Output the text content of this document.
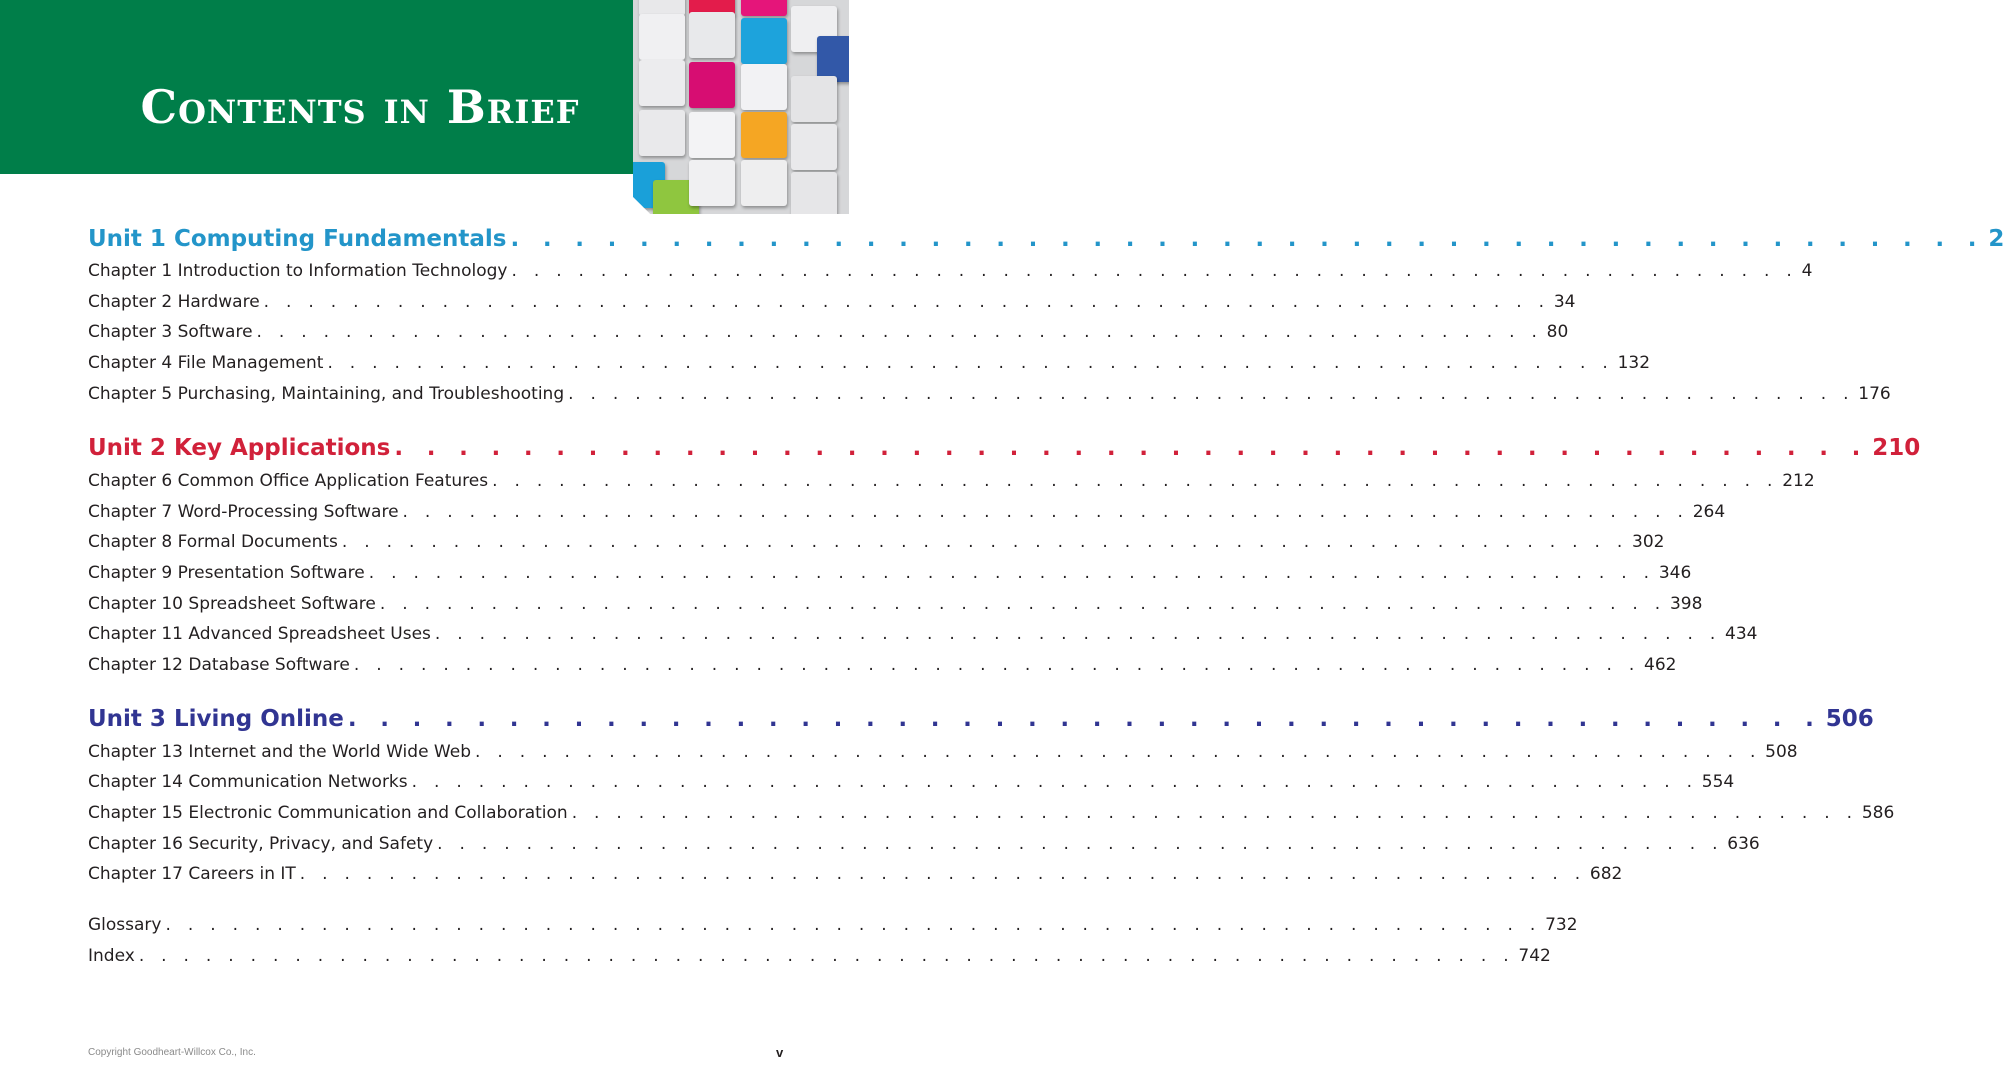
Contents in Brief
Unit 1 Computing Fundamentals . . . . . . . . . . . . . . . . . . . . . . . . . . . . . . . . . . . . . . . . . . . . . . 2
Chapter 1 Introduction to Information Technology . . . . . . . . . . . . . . . . . . . . . . . . . . . . . . . . . . . . . . . . . . . . . . . . . . . . . . . . . . 4
Chapter 2 Hardware . . . . . . . . . . . . . . . . . . . . . . . . . . . . . . . . . . . . . . . . . . . . . . . . . . . . . . . . . . 34
Chapter 3 Software . . . . . . . . . . . . . . . . . . . . . . . . . . . . . . . . . . . . . . . . . . . . . . . . . . . . . . . . . . 80
Chapter 4 File Management . . . . . . . . . . . . . . . . . . . . . . . . . . . . . . . . . . . . . . . . . . . . . . . . . . . . . . . . . . 132
Chapter 5 Purchasing, Maintaining, and Troubleshooting . . . . . . . . . . . . . . . . . . . . . . . . . . . . . . . . . . . . . . . . . . . . . . . . . . . . . . . . . . 176
Unit 2 Key Applications . . . . . . . . . . . . . . . . . . . . . . . . . . . . . . . . . . . . . . . . . . . . . . 210
Chapter 6 Common Office Application Features . . . . . . . . . . . . . . . . . . . . . . . . . . . . . . . . . . . . . . . . . . . . . . . . . . . . . . . . . . 212
Chapter 7 Word-Processing Software . . . . . . . . . . . . . . . . . . . . . . . . . . . . . . . . . . . . . . . . . . . . . . . . . . . . . . . . . . 264
Chapter 8 Formal Documents . . . . . . . . . . . . . . . . . . . . . . . . . . . . . . . . . . . . . . . . . . . . . . . . . . . . . . . . . . 302
Chapter 9 Presentation Software . . . . . . . . . . . . . . . . . . . . . . . . . . . . . . . . . . . . . . . . . . . . . . . . . . . . . . . . . . 346
Chapter 10 Spreadsheet Software . . . . . . . . . . . . . . . . . . . . . . . . . . . . . . . . . . . . . . . . . . . . . . . . . . . . . . . . . . 398
Chapter 11 Advanced Spreadsheet Uses . . . . . . . . . . . . . . . . . . . . . . . . . . . . . . . . . . . . . . . . . . . . . . . . . . . . . . . . . . 434
Chapter 12 Database Software . . . . . . . . . . . . . . . . . . . . . . . . . . . . . . . . . . . . . . . . . . . . . . . . . . . . . . . . . . 462
Unit 3 Living Online . . . . . . . . . . . . . . . . . . . . . . . . . . . . . . . . . . . . . . . . . . . . . . 506
Chapter 13 Internet and the World Wide Web . . . . . . . . . . . . . . . . . . . . . . . . . . . . . . . . . . . . . . . . . . . . . . . . . . . . . . . . . . 508
Chapter 14 Communication Networks . . . . . . . . . . . . . . . . . . . . . . . . . . . . . . . . . . . . . . . . . . . . . . . . . . . . . . . . . . 554
Chapter 15 Electronic Communication and Collaboration . . . . . . . . . . . . . . . . . . . . . . . . . . . . . . . . . . . . . . . . . . . . . . . . . . . . . . . . . . 586
Chapter 16 Security, Privacy, and Safety . . . . . . . . . . . . . . . . . . . . . . . . . . . . . . . . . . . . . . . . . . . . . . . . . . . . . . . . . . 636
Chapter 17 Careers in IT . . . . . . . . . . . . . . . . . . . . . . . . . . . . . . . . . . . . . . . . . . . . . . . . . . . . . . . . . . 682
Glossary . . . . . . . . . . . . . . . . . . . . . . . . . . . . . . . . . . . . . . . . . . . . . . . . . . . . . . . . . . . . . . 732
Index . . . . . . . . . . . . . . . . . . . . . . . . . . . . . . . . . . . . . . . . . . . . . . . . . . . . . . . . . . . . . . 742
Copyright Goodheart-Willcox Co., Inc.	v
